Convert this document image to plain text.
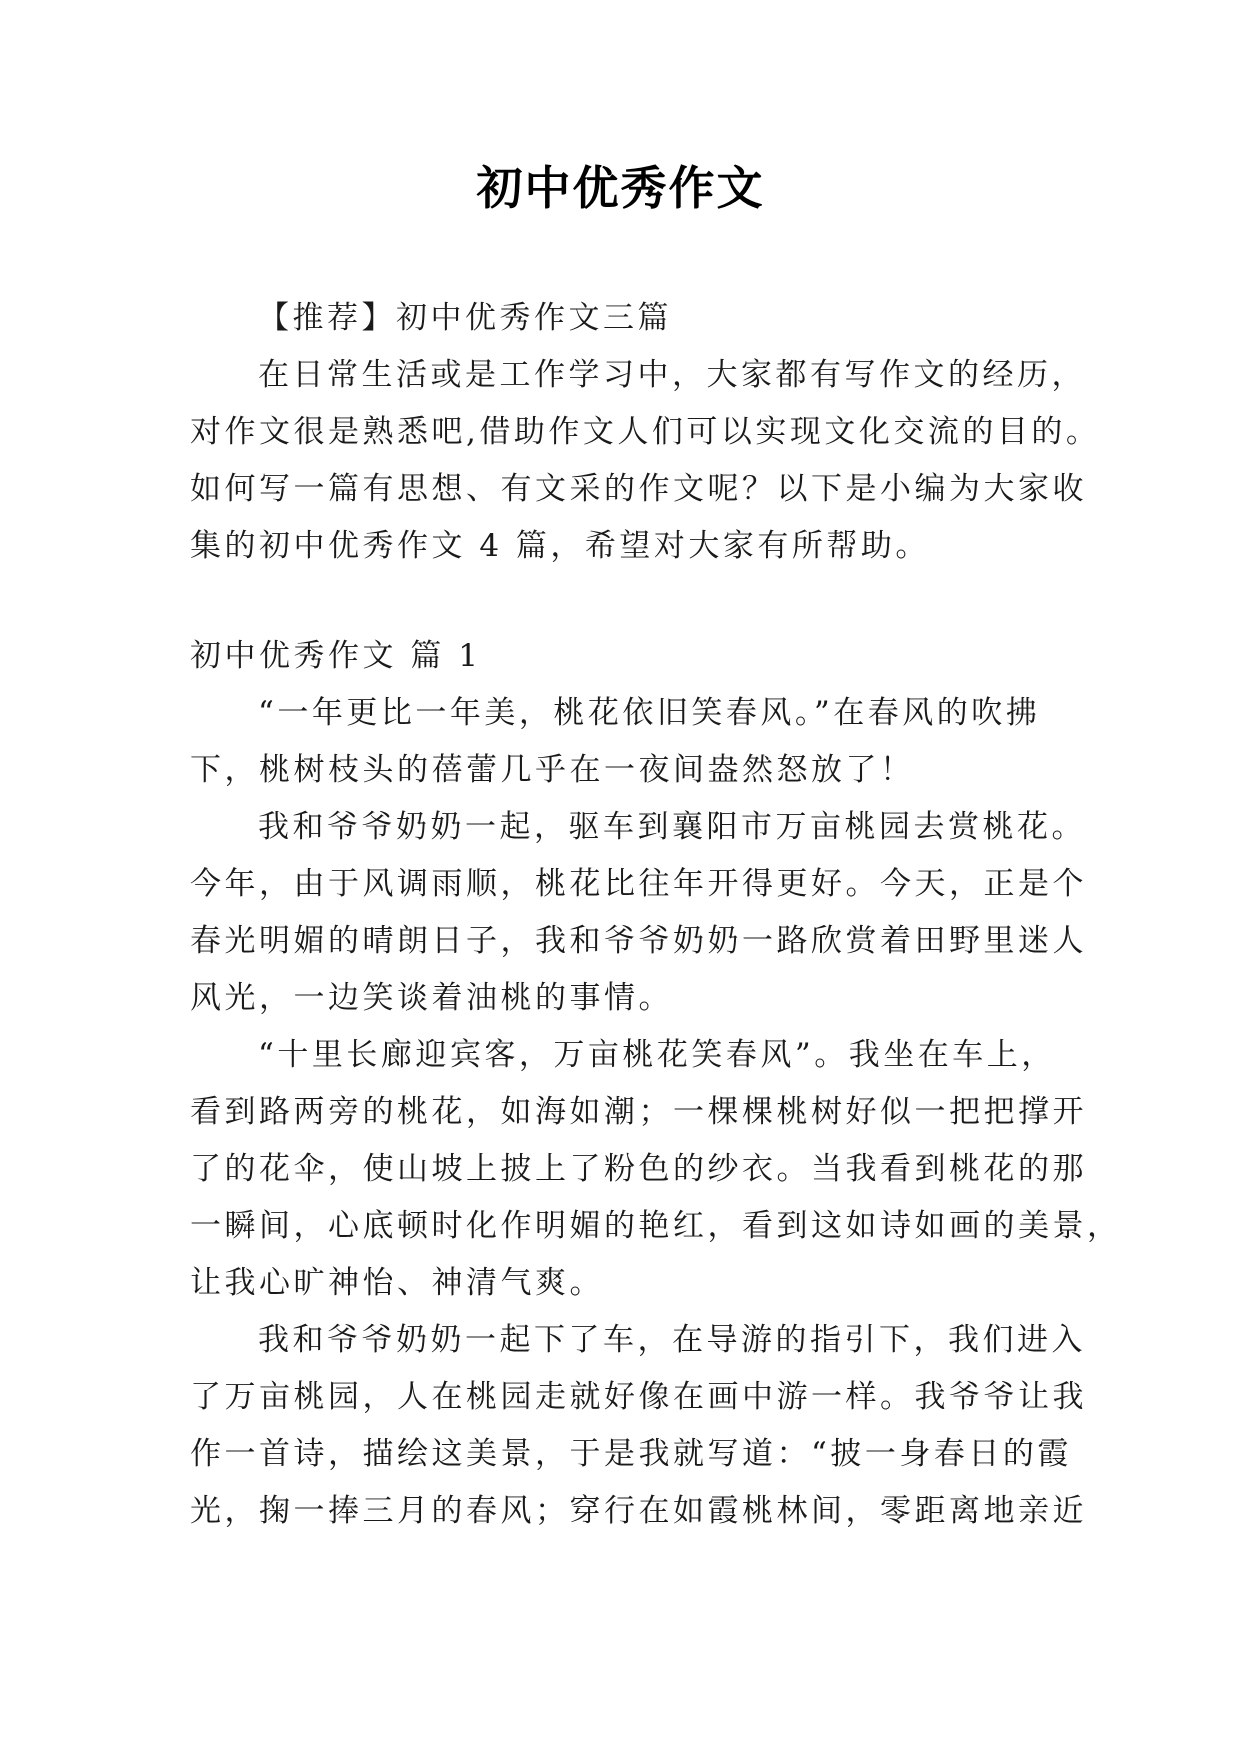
初中优秀作文
【推荐】初中优秀作文三篇
在日常生活或是工作学习中，大家都有写作文的经历，
对作文很是熟悉吧,借助作文人们可以实现文化交流的目的。
如何写一篇有思想、有文采的作文呢？以下是小编为大家收
集的初中优秀作文 4 篇，希望对大家有所帮助。
初中优秀作文 篇 1
“一年更比一年美，桃花依旧笑春风。”在春风的吹拂
下，桃树枝头的蓓蕾几乎在一夜间盎然怒放了！
我和爷爷奶奶一起，驱车到襄阳市万亩桃园去赏桃花。
今年，由于风调雨顺，桃花比往年开得更好。今天，正是个
春光明媚的晴朗日子，我和爷爷奶奶一路欣赏着田野里迷人
风光，一边笑谈着油桃的事情。
“十里长廊迎宾客，万亩桃花笑春风”。我坐在车上，
看到路两旁的桃花，如海如潮；一棵棵桃树好似一把把撑开
了的花伞，使山坡上披上了粉色的纱衣。当我看到桃花的那
一瞬间，心底顿时化作明媚的艳红，看到这如诗如画的美景，
让我心旷神怡、神清气爽。
我和爷爷奶奶一起下了车，在导游的指引下，我们进入
了万亩桃园，人在桃园走就好像在画中游一样。我爷爷让我
作一首诗，描绘这美景，于是我就写道：“披一身春日的霞
光，掬一捧三月的春风；穿行在如霞桃林间，零距离地亲近
